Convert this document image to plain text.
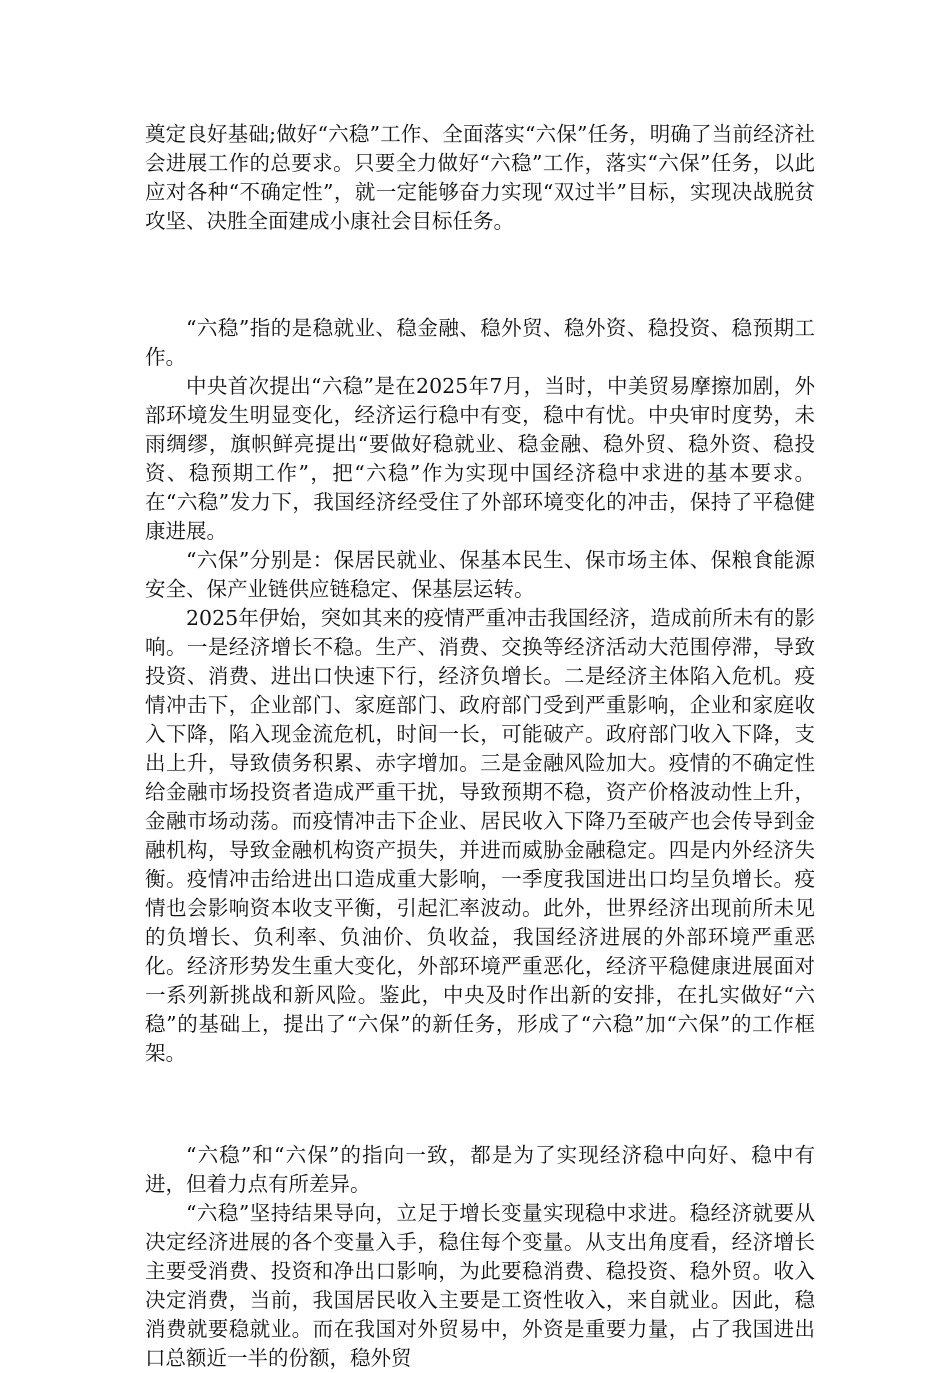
奠定良好基础;做好“六稳”工作、全面落实“六保”任务，明确了当前经济社会进展工作的总要求。只要全力做好“六稳”工作，落实“六保”任务，以此应对各种“不确定性”，就一定能够奋力实现“双过半”目标，实现决战脱贫攻坚、决胜全面建成小康社会目标任务。

“六稳”指的是稳就业、稳金融、稳外贸、稳外资、稳投资、稳预期工作。

中央首次提出“六稳”是在2025年7月，当时，中美贸易摩擦加剧，外部环境发生明显变化，经济运行稳中有变，稳中有忧。中央审时度势，未雨绸缪，旗帜鲜亮提出“要做好稳就业、稳金融、稳外贸、稳外资、稳投资、稳预期工作”，把“六稳”作为实现中国经济稳中求进的基本要求。在“六稳”发力下，我国经济经受住了外部环境变化的冲击，保持了平稳健康进展。

“六保”分别是：保居民就业、保基本民生、保市场主体、保粮食能源安全、保产业链供应链稳定、保基层运转。

2025年伊始，突如其来的疫情严重冲击我国经济，造成前所未有的影响。一是经济增长不稳。生产、消费、交换等经济活动大范围停滞，导致投资、消费、进出口快速下行，经济负增长。二是经济主体陷入危机。疫情冲击下，企业部门、家庭部门、政府部门受到严重影响，企业和家庭收入下降，陷入现金流危机，时间一长，可能破产。政府部门收入下降，支出上升，导致债务积累、赤字增加。三是金融风险加大。疫情的不确定性给金融市场投资者造成严重干扰，导致预期不稳，资产价格波动性上升，金融市场动荡。而疫情冲击下企业、居民收入下降乃至破产也会传导到金融机构，导致金融机构资产损失，并进而威胁金融稳定。四是内外经济失衡。疫情冲击给进出口造成重大影响，一季度我国进出口均呈负增长。疫情也会影响资本收支平衡，引起汇率波动。此外，世界经济出现前所未见的负增长、负利率、负油价、负收益，我国经济进展的外部环境严重恶化。经济形势发生重大变化，外部环境严重恶化，经济平稳健康进展面对一系列新挑战和新风险。鉴此，中央及时作出新的安排，在扎实做好“六稳”的基础上，提出了“六保”的新任务，形成了“六稳”加“六保”的工作框架。

“六稳”和“六保”的指向一致，都是为了实现经济稳中向好、稳中有进，但着力点有所差异。

“六稳”坚持结果导向，立足于增长变量实现稳中求进。稳经济就要从决定经济进展的各个变量入手，稳住每个变量。从支出角度看，经济增长主要受消费、投资和净出口影响，为此要稳消费、稳投资、稳外贸。收入决定消费，当前，我国居民收入主要是工资性收入，来自就业。因此，稳消费就要稳就业。而在我国对外贸易中，外资是重要力量，占了我国进出口总额近一半的份额，稳外贸
